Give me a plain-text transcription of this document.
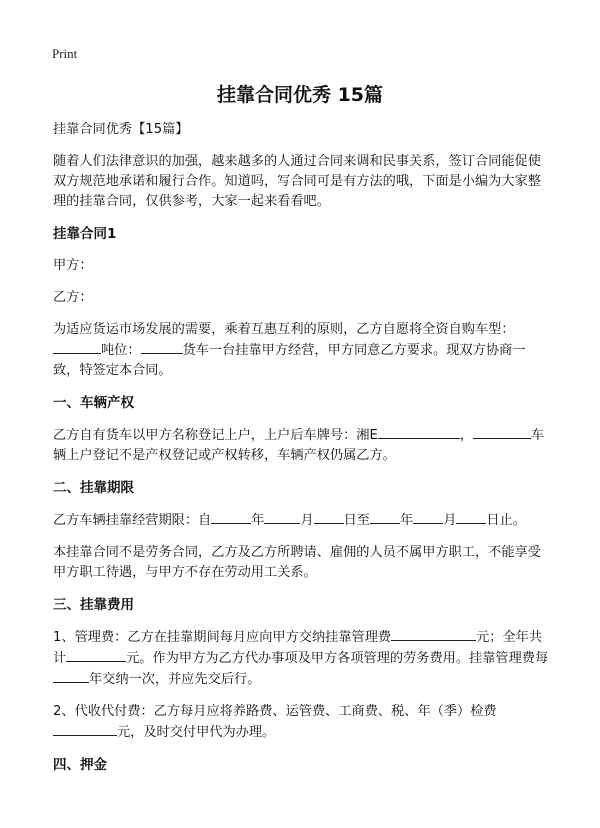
Print
挂靠合同优秀 15篇

挂靠合同优秀【15篇】

随着人们法律意识的加强，越来越多的人通过合同来调和民事关系，签订合同能促使双方规范地承诺和履行合作。知道吗，写合同可是有方法的哦，下面是小编为大家整理的挂靠合同，仅供参考，大家一起来看看吧。

挂靠合同1

甲方：

乙方：

为适应货运市场发展的需要，乘着互惠互利的原则，乙方自愿将全资自购车型：吨位：	货车一台挂靠甲方经营，甲方同意乙方要求。现双方协商一致，特签定本合同。

一、车辆产权

乙方自有货车以甲方名称登记上户，上户后车牌号：湘E	，	车辆上户登记不是产权登记或产权转移，车辆产权仍属乙方。

二、挂靠期限

乙方车辆挂靠经营期限：自	年	月 日至 年 月 日止。

本挂靠合同不是劳务合同，乙方及乙方所聘请、雇佣的人员不属甲方职工，不能享受甲方职工待遇，与甲方不存在劳动用工关系。

三、挂靠费用

1、管理费：乙方在挂靠期间每月应向甲方交纳挂靠管理费	元；全年共计	元。作为甲方为乙方代办事项及甲方各项管理的劳务费用。挂靠管理费每年交纳一次，并应先交后行。

2、代收代付费：乙方每月应将养路费、运管费、工商费、税、年（季）检费元，及时交付甲代为办理。

四、押金
